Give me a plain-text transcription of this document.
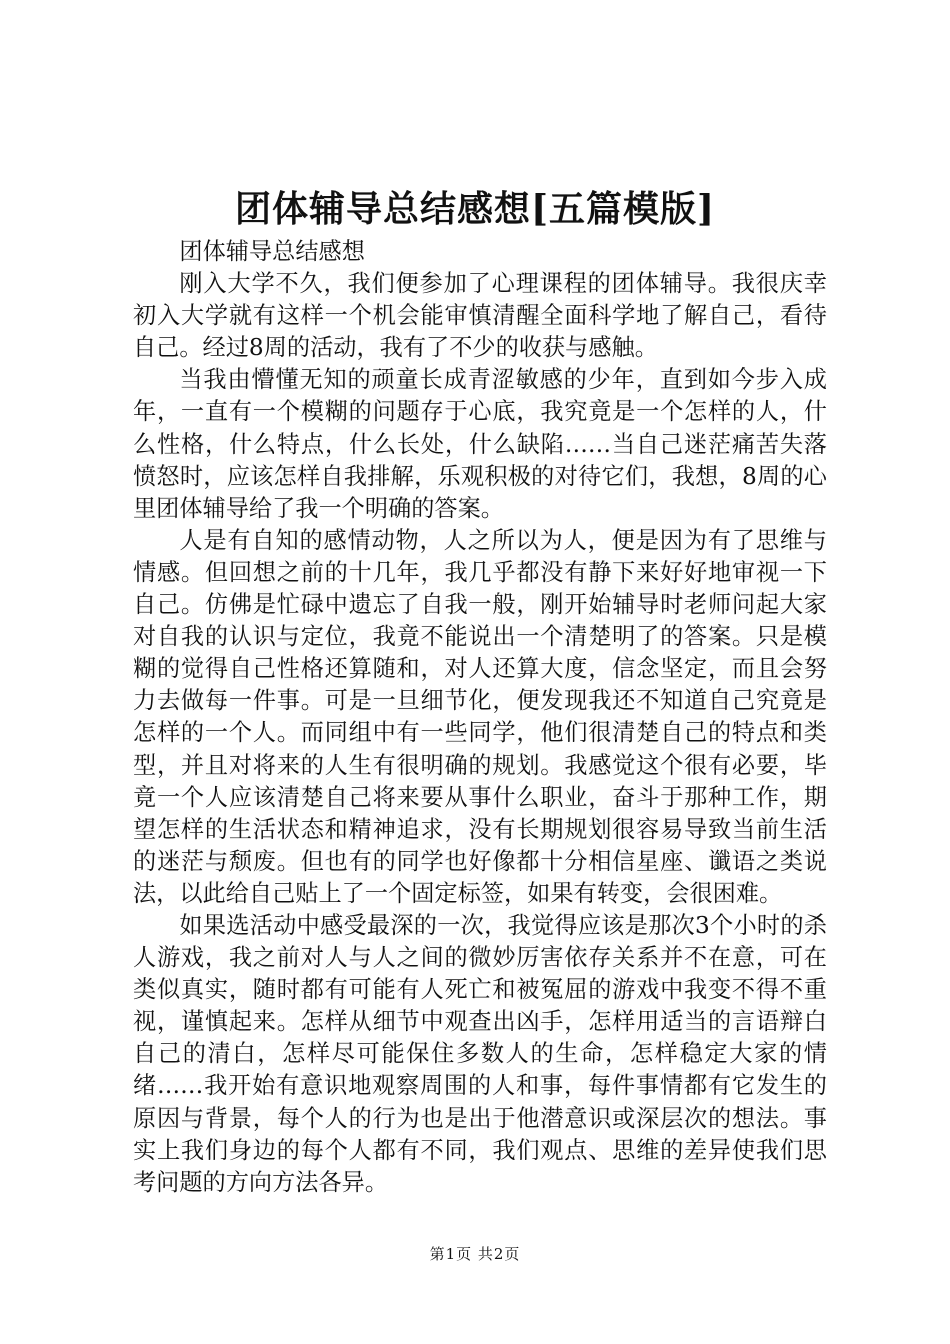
团体辅导总结感想[五篇模版]

团体辅导总结感想

刚入大学不久，我们便参加了心理课程的团体辅导。我很庆幸初入大学就有这样一个机会能审慎清醒全面科学地了解自己，看待自己。经过8周的活动，我有了不少的收获与感触。

当我由懵懂无知的顽童长成青涩敏感的少年，直到如今步入成年，一直有一个模糊的问题存于心底，我究竟是一个怎样的人，什么性格，什么特点，什么长处，什么缺陷……当自己迷茫痛苦失落愤怒时，应该怎样自我排解，乐观积极的对待它们，我想，8周的心里团体辅导给了我一个明确的答案。

人是有自知的感情动物，人之所以为人，便是因为有了思维与情感。但回想之前的十几年，我几乎都没有静下来好好地审视一下自己。仿佛是忙碌中遗忘了自我一般，刚开始辅导时老师问起大家对自我的认识与定位，我竟不能说出一个清楚明了的答案。只是模糊的觉得自己性格还算随和，对人还算大度，信念坚定，而且会努力去做每一件事。可是一旦细节化，便发现我还不知道自己究竟是怎样的一个人。而同组中有一些同学，他们很清楚自己的特点和类型，并且对将来的人生有很明确的规划。我感觉这个很有必要，毕竟一个人应该清楚自己将来要从事什么职业，奋斗于那种工作，期望怎样的生活状态和精神追求，没有长期规划很容易导致当前生活的迷茫与颓废。但也有的同学也好像都十分相信星座、谶语之类说法，以此给自己贴上了一个固定标签，如果有转变，会很困难。

如果选活动中感受最深的一次，我觉得应该是那次3个小时的杀人游戏，我之前对人与人之间的微妙厉害依存关系并不在意，可在类似真实，随时都有可能有人死亡和被冤屈的游戏中我变不得不重视，谨慎起来。怎样从细节中观查出凶手，怎样用适当的言语辩白自己的清白，怎样尽可能保住多数人的生命，怎样稳定大家的情绪……我开始有意识地观察周围的人和事，每件事情都有它发生的原因与背景，每个人的行为也是出于他潜意识或深层次的想法。事实上我们身边的每个人都有不同，我们观点、思维的差异使我们思考问题的方向方法各异。

第1页 共2页
